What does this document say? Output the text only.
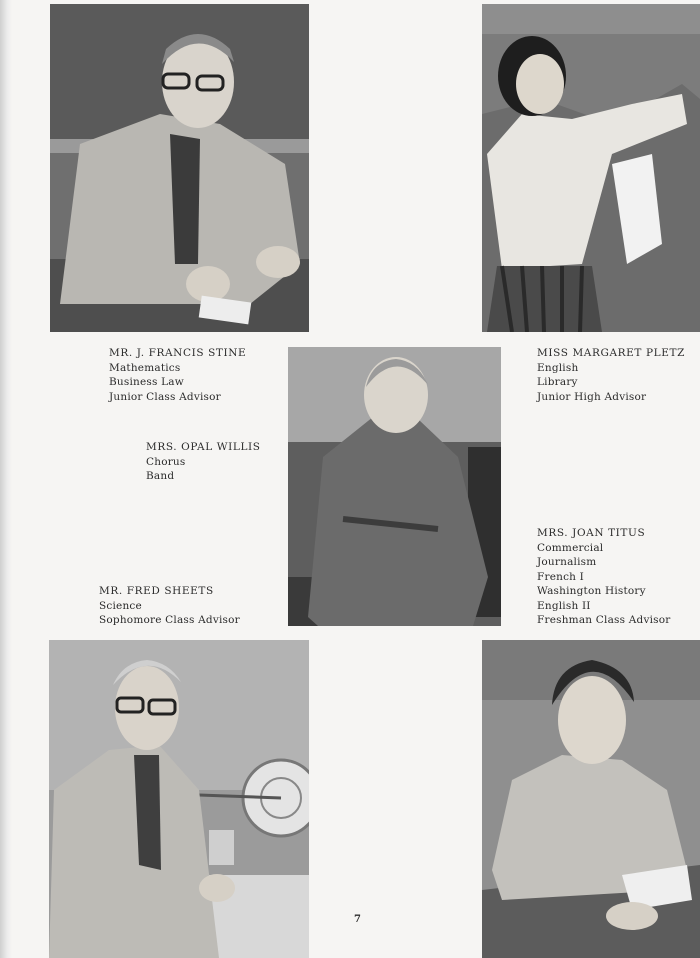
MR. J. FRANCIS STINE
Mathematics
Business Law
Junior Class Advisor
MISS MARGARET PLETZ
English
Library
Junior High Advisor
MRS. OPAL WILLIS
Chorus
Band
MR. FRED SHEETS
Science
Sophomore Class Advisor
MRS. JOAN TITUS
Commercial
Journalism
French I
Washington History
English II
Freshman Class Advisor
7
